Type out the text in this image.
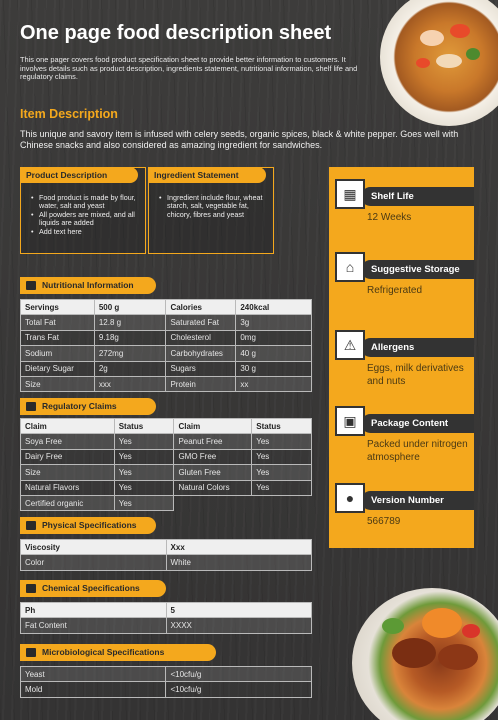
One page food description sheet
This one pager covers food product specification sheet to provide better information to customers. It involves details such as product description, ingredients statement, nutritional information, shelf life and regulatory claims.
Item Description
This unique and savory item is infused with celery seeds, organic spices, black & white pepper. Goes well with Chinese snacks and also considered as amazing ingredient for sandwiches.
Product Description
• Food product is made by flour, water, salt and yeast
• All powders are mixed, and all liquids are added
• Add text here
Ingredient Statement
• Ingredient include flour, wheat starch, salt, vegetable fat, chicory, fibres and yeast
Nutritional Information
Servings	500 g	Calories	240kcal
Total Fat	12.8 g	Saturated Fat	3g
Trans Fat	9.18g	Cholesterol	0mg
Sodium	272mg	Carbohydrates	40 g
Dietary Sugar	2g	Sugars	30 g
Size	xxx	Protein	xx
Regulatory Claims
Claim	Status	Claim	Status
Soya Free	Yes	Peanut Free	Yes
Dairy Free	Yes	GMO Free	Yes
Size	Yes	Gluten Free	Yes
Natural Flavors	Yes	Natural Colors	Yes
Certified organic	Yes		
Physical Specifications
Viscosity	Xxx
Color	White
Chemical Specifications
Ph	5
Fat Content	XXXX
Microbiological Specifications
Yeast	<10cfu/g
Mold	<10cfu/g
Shelf Life
▦
12 Weeks
Suggestive Storage
⌂
Refrigerated
Allergens
⚠
Eggs, milk derivatives and nuts
Package Content
▣
Packed under nitrogen atmosphere
Version Number
●
566789
